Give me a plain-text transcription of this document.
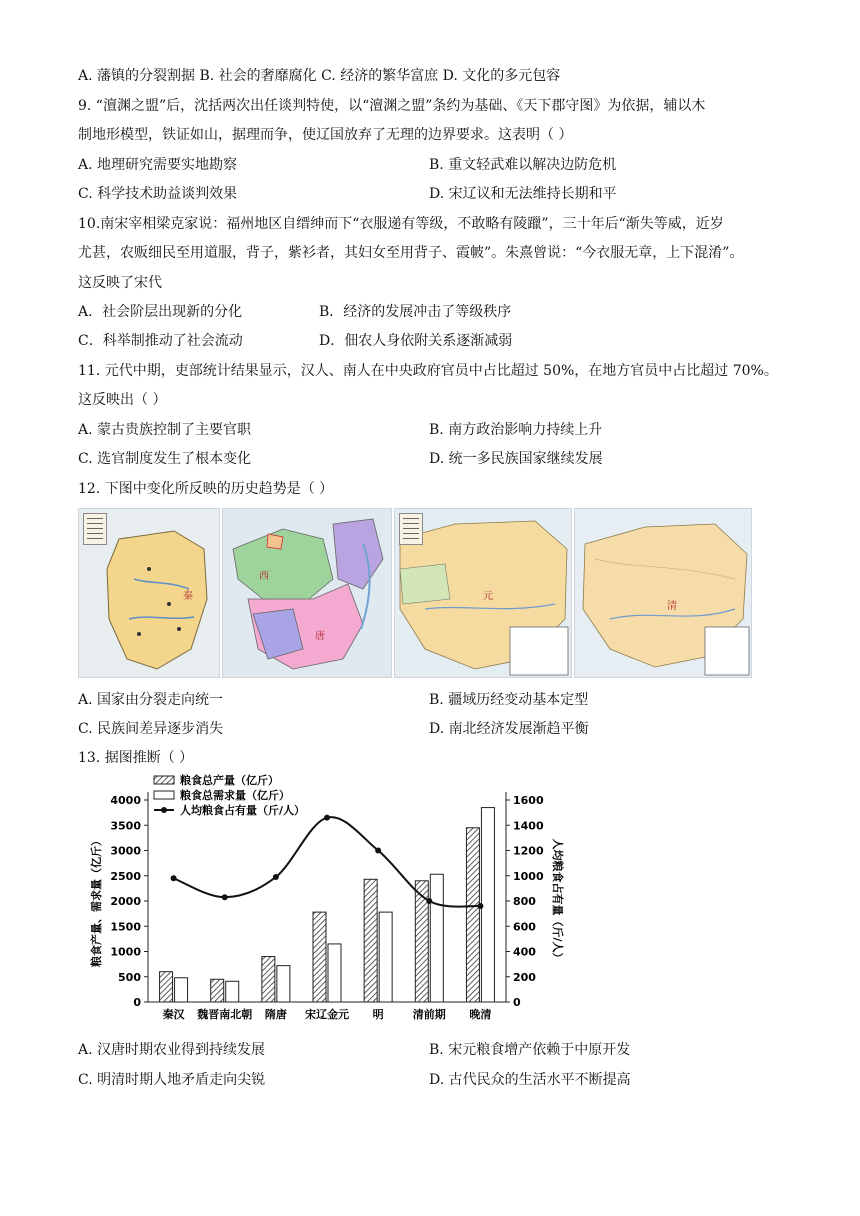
A. 藩镇的分裂割据 B. 社会的奢靡腐化 C. 经济的繁华富庶 D. 文化的多元包容
9. “澶渊之盟”后，沈括两次出任谈判特使，以“澶渊之盟”条约为基础、《天下郡守图》为依据，辅以木
制地形模型，铁证如山，据理而争，使辽国放弃了无理的边界要求。这表明（ ）
A. 地理研究需要实地勘察	B. 重文轻武难以解决边防危机
C. 科学技术助益谈判效果	D. 宋辽议和无法维持长期和平
10.南宋宰相梁克家说：福州地区自缙绅而下“衣服递有等级，不敢略有陵躐”，三十年后“渐失等威，近岁
尤甚，农贩细民至用道服，背子，紫衫者，其妇女至用背子、霞帔”。朱熹曾说：“今衣服无章，上下混淆”。
这反映了宋代
A．社会阶层出现新的分化	B．经济的发展冲击了等级秩序
C．科举制推动了社会流动	D．佃农人身依附关系逐渐减弱
11. 元代中期，吏部统计结果显示，汉人、南人在中央政府官员中占比超过 50%，在地方官员中占比超过 70%。
这反映出（ ）
A. 蒙古贵族控制了主要官职	B. 南方政治影响力持续上升
C. 选官制度发生了根本变化	D. 统一多民族国家继续发展
12. 下图中变化所反映的历史趋势是（ ）
秦
西
唐
元
清
A. 国家由分裂走向统一	B. 疆域历经变动基本定型
C. 民族间差异逐步消失	D. 南北经济发展渐趋平衡
13. 据图推断（ ）
0
500
1000
1500
2000
2500
3000
3500
4000
0
200
400
600
800
1000
1200
1400
1600
粮食产量、需求量（亿斤）	人均粮食占有量（斤/人）
秦汉 魏晋南北朝 隋唐 宋辽金元 明	清前期 晚清
粮食总产量（亿斤）
粮食总需求量（亿斤）
人均粮食占有量（斤/人）
A. 汉唐时期农业得到持续发展	B. 宋元粮食增产依赖于中原开发
C. 明清时期人地矛盾走向尖锐	D. 古代民众的生活水平不断提高
